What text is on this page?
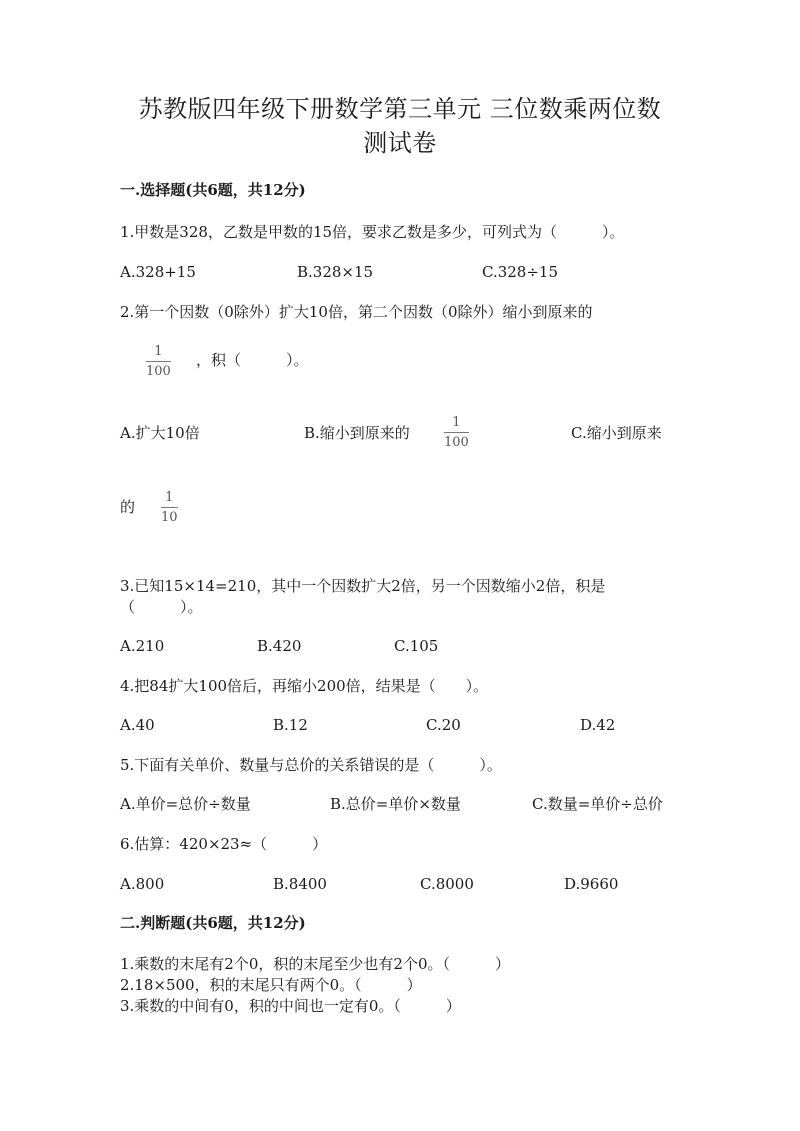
苏教版四年级下册数学第三单元 三位数乘两位数
测试卷
一.选择题(共6题，共12分)
1.甲数是328，乙数是甲数的15倍，要求乙数是多少，可列式为（　　　）。
A.328+15	B.328×15	C.328÷15
2.第一个因数（0除外）扩大10倍，第二个因数（0除外）缩小到原来的
1
100
，积（　　　）。
A.扩大10倍	B.缩小到原来的
1
100
C.缩小到原来
的
1
10
3.已知15×14=210，其中一个因数扩大2倍，另一个因数缩小2倍，积是
（　　　）。
A.210	B.420	C.105
4.把84扩大100倍后，再缩小200倍，结果是（　　）。
A.40	B.12	C.20	D.42
5.下面有关单价、数量与总价的关系错误的是（　　　）。
A.单价=总价÷数量	B.总价=单价×数量	C.数量=单价÷总价
6.估算：420×23≈（　　　）
A.800	B.8400	C.8000	D.9660
二.判断题(共6题，共12分)
1.乘数的末尾有2个0，积的末尾至少也有2个0。（　　　）
2.18×500，积的末尾只有两个0。（　　　）
3.乘数的中间有0，积的中间也一定有0。（　　　）
